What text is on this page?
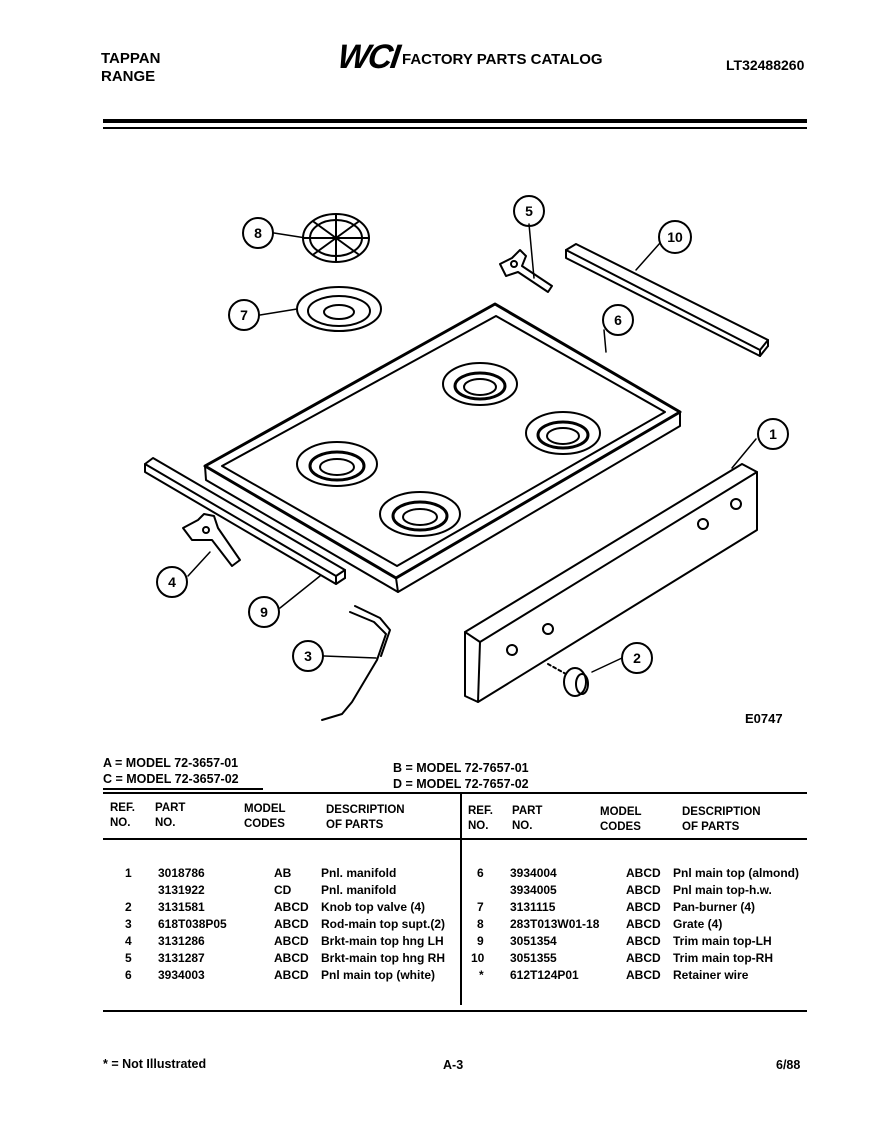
TAPPAN
RANGE
WCI FACTORY PARTS CATALOG	LT32488260
1
2
3
4
5
6
7
8
9
10
E0747
A = MODEL 72-3657-01
C = MODEL 72-3657-02
B = MODEL 72-7657-01
D = MODEL 72-7657-02
REF.
NO.
PART
NO.
MODEL
CODES
DESCRIPTION
OF PARTS
REF.
NO.
PART
NO.
MODEL
CODES
DESCRIPTION
OF PARTS
1 3018786	AB Pnl. manifold
3131922	CD Pnl. manifold
2 3131581	ABCD Knob top valve (4)
3 618T038P05	ABCD Rod-main top supt.(2)
4 3131286	ABCD Brkt-main top hng LH
5 3131287	ABCD Brkt-main top hng RH
6 3934003	ABCD Pnl main top (white)
6 3934004	ABCD Pnl main top (almond)
3934005	ABCD Pnl main top-h.w.
7 3131115	ABCD Pan-burner (4)
8 283T013W01-18 ABCD Grate (4)
9 3051354	ABCD Trim main top-LH
10 3051355	ABCD Trim main top-RH
* 612T124P01	ABCD Retainer wire
* = Not Illustrated	A-3	6/88
